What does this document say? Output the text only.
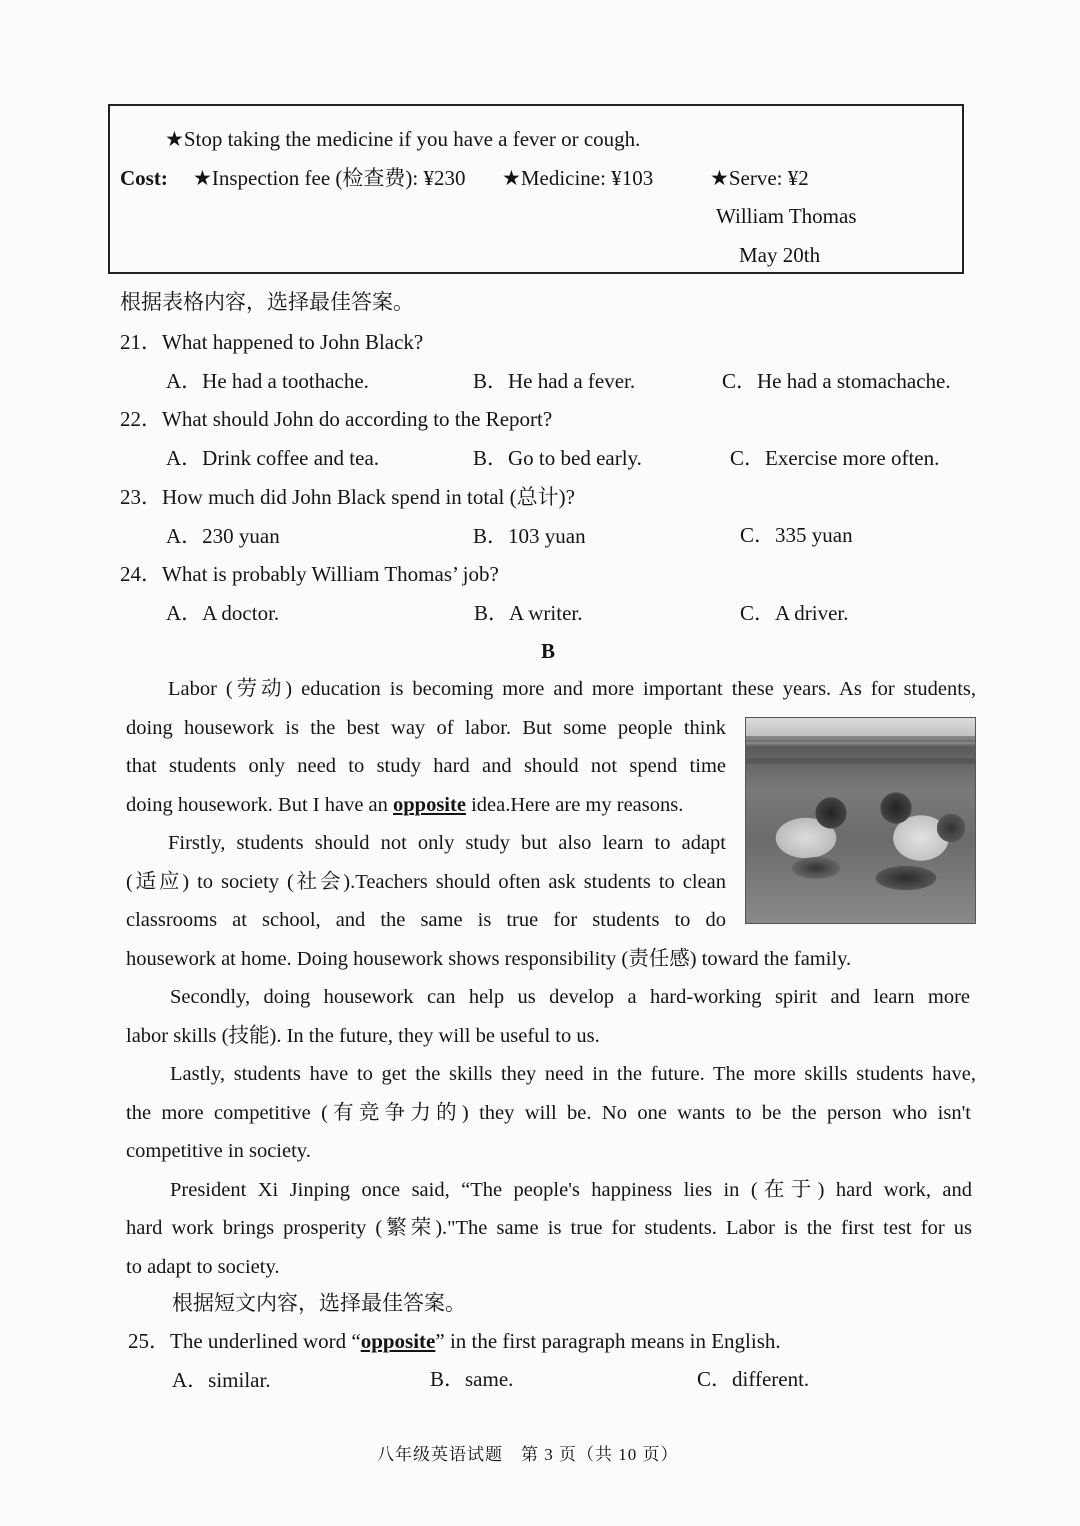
★Stop taking the medicine if you have a fever or cough.
Cost: ★Inspection fee (检查费): ¥230 ★Medicine: ¥103	★Serve: ¥2
William Thomas
May 20th
根据表格内容，选择最佳答案。
21．What happened to John Black?
A．He had a toothache.	B．He had a fever.	C．He had a stomachache.
22．What should John do according to the Report?
A．Drink coffee and tea.	B．Go to bed early.	C．Exercise more often.
23．How much did John Black spend in total (总计)?
A．230 yuan	B．103 yuan	C．335 yuan
24．What is probably William Thomas’ job?
A．A doctor.	B．A writer.	C．A driver.
B
Labor (劳动) education is becoming more and more important these years. As for students,
doing housework is the best way of labor. But some people think
that students only need to study hard and should not spend time
doing housework. But I have an opposite idea.Here are my reasons.
Firstly, students should not only study but also learn to adapt
(适应) to society (社会).Teachers should often ask students to clean
classrooms at school, and the same is true for students to do
housework at home. Doing housework shows responsibility (责任感) toward the family.
Secondly, doing housework can help us develop a hard-working spirit and learn more
labor skills (技能). In the future, they will be useful to us.
Lastly, students have to get the skills they need in the future. The more skills students have,
the more competitive (有竞争力的) they will be. No one wants to be the person who isn't
competitive in society.
President Xi Jinping once said, “The people's happiness lies in (在于) hard work, and
hard work brings prosperity (繁荣)."The same is true for students. Labor is the first test for us
to adapt to society.
根据短文内容，选择最佳答案。
25．The underlined word “opposite” in the first paragraph means in English.
A．similar.	B．same.	C．different.
八年级英语试题　第 3 页（共 10 页）
